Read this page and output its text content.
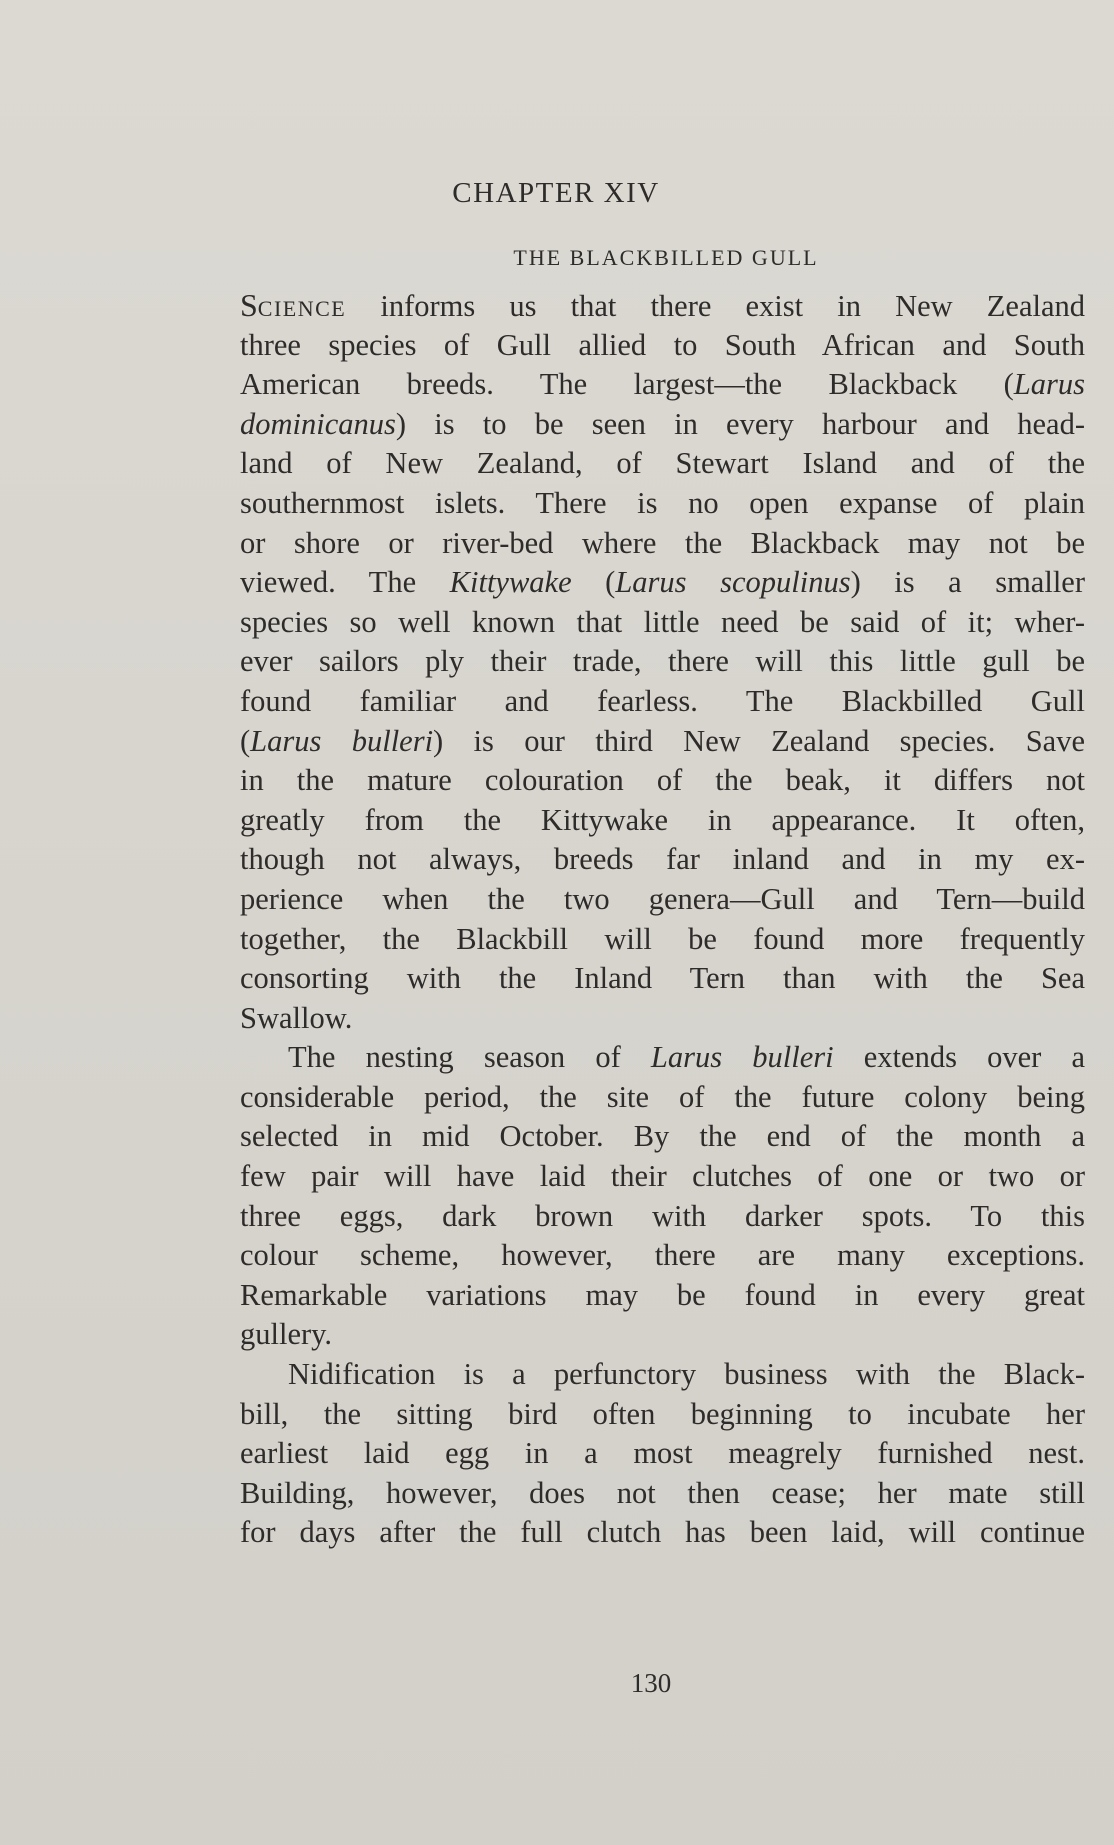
CHAPTER XIV
THE BLACKBILLED GULL
SCIENCE informs us that there exist in New Zealand
three species of Gull allied to South African and South
American breeds. The largest—the Blackback (Larus
dominicanus) is to be seen in every harbour and head-
land of New Zealand, of Stewart Island and of the
southernmost islets. There is no open expanse of plain
or shore or river-bed where the Blackback may not be
viewed. The Kittywake (Larus scopulinus) is a smaller
species so well known that little need be said of it; wher-
ever sailors ply their trade, there will this little gull be
found familiar and fearless. The Blackbilled Gull
(Larus bulleri) is our third New Zealand species. Save
in the mature colouration of the beak, it differs not
greatly from the Kittywake in appearance. It often,
though not always, breeds far inland and in my ex-
perience when the two genera—Gull and Tern—build
together, the Blackbill will be found more frequently
consorting with the Inland Tern than with the Sea
Swallow.
The nesting season of Larus bulleri extends over a
considerable period, the site of the future colony being
selected in mid October. By the end of the month a
few pair will have laid their clutches of one or two or
three eggs, dark brown with darker spots. To this
colour scheme, however, there are many exceptions.
Remarkable variations may be found in every great
gullery.
Nidification is a perfunctory business with the Black-
bill, the sitting bird often beginning to incubate her
earliest laid egg in a most meagrely furnished nest.
Building, however, does not then cease; her mate still
for days after the full clutch has been laid, will continue
130
